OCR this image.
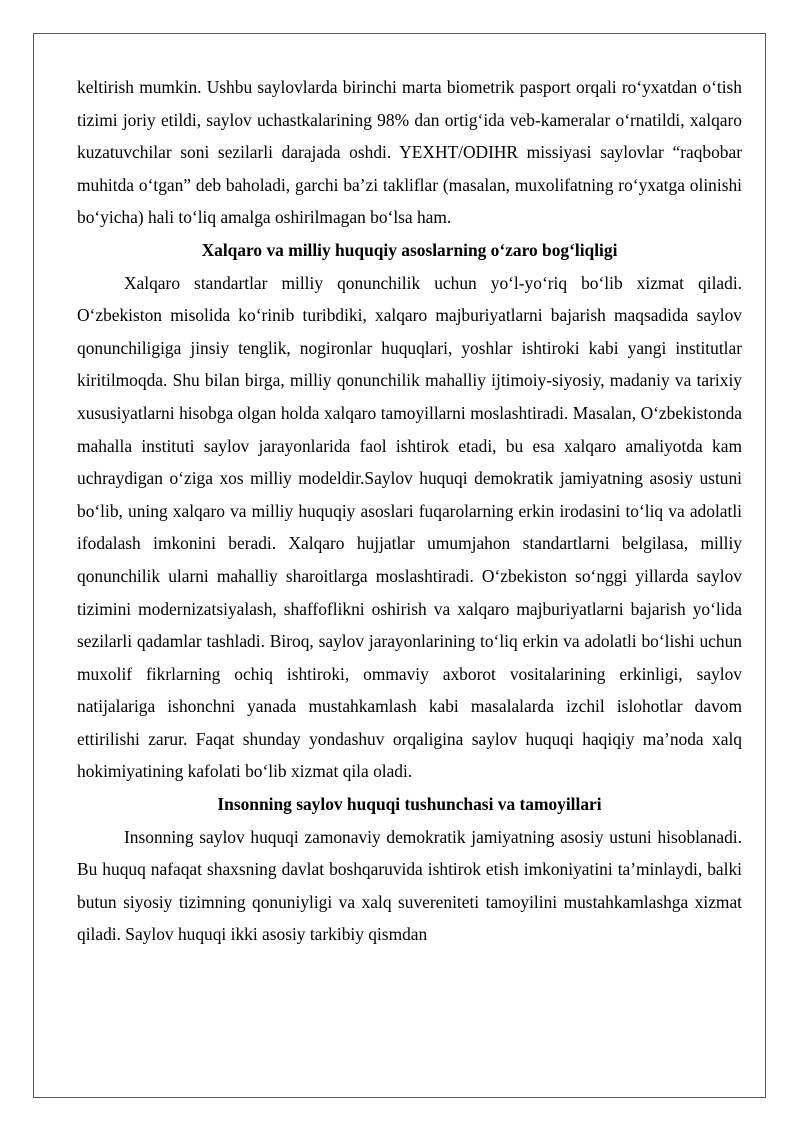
keltirish mumkin. Ushbu saylovlarda birinchi marta biometrik pasport orqali ro‘yxatdan o‘tish tizimi joriy etildi, saylov uchastkalarining 98% dan ortig‘ida veb-kameralar o‘rnatildi, xalqaro kuzatuvchilar soni sezilarli darajada oshdi. YEXHT/ODIHR missiyasi saylovlar “raqbobar muhitda o‘tgan” deb baholadi, garchi ba’zi takliflar (masalan, muxolifatning ro‘yxatga olinishi bo‘yicha) hali to‘liq amalga oshirilmagan bo‘lsa ham.

Xalqaro va milliy huquqiy asoslarning o‘zaro bog‘liqligi

Xalqaro standartlar milliy qonunchilik uchun yo‘l-yo‘riq bo‘lib xizmat qiladi. O‘zbekiston misolida ko‘rinib turibdiki, xalqaro majburiyatlarni bajarish maqsadida saylov qonunchiligiga jinsiy tenglik, nogironlar huquqlari, yoshlar ishtiroki kabi yangi institutlar kiritilmoqda. Shu bilan birga, milliy qonunchilik mahalliy ijtimoiy-siyosiy, madaniy va tarixiy xususiyatlarni hisobga olgan holda xalqaro tamoyillarni moslashtiradi. Masalan, O‘zbekistonda mahalla instituti saylov jarayonlarida faol ishtirok etadi, bu esa xalqaro amaliyotda kam uchraydigan o‘ziga xos milliy modeldir.Saylov huquqi demokratik jamiyatning asosiy ustuni bo‘lib, uning xalqaro va milliy huquqiy asoslari fuqarolarning erkin irodasini to‘liq va adolatli ifodalash imkonini beradi. Xalqaro hujjatlar umumjahon standartlarni belgilasa, milliy qonunchilik ularni mahalliy sharoitlarga moslashtiradi. O‘zbekiston so‘nggi yillarda saylov tizimini modernizatsiyalash, shaffoflikni oshirish va xalqaro majburiyatlarni bajarish yo‘lida sezilarli qadamlar tashladi. Biroq, saylov jarayonlarining to‘liq erkin va adolatli bo‘lishi uchun muxolif fikrlarning ochiq ishtiroki, ommaviy axborot vositalarining erkinligi, saylov natijalariga ishonchni yanada mustahkamlash kabi masalalarda izchil islohotlar davom ettirilishi zarur. Faqat shunday yondashuv orqaligina saylov huquqi haqiqiy ma’noda xalq hokimiyatining kafolati bo‘lib xizmat qila oladi.

Insonning saylov huquqi tushunchasi va tamoyillari

Insonning saylov huquqi zamonaviy demokratik jamiyatning asosiy ustuni hisoblanadi. Bu huquq nafaqat shaxsning davlat boshqaruvida ishtirok etish imkoniyatini ta’minlaydi, balki butun siyosiy tizimning qonuniyligi va xalq suvereniteti tamoyilini mustahkamlashga xizmat qiladi. Saylov huquqi ikki asosiy tarkibiy qismdan
